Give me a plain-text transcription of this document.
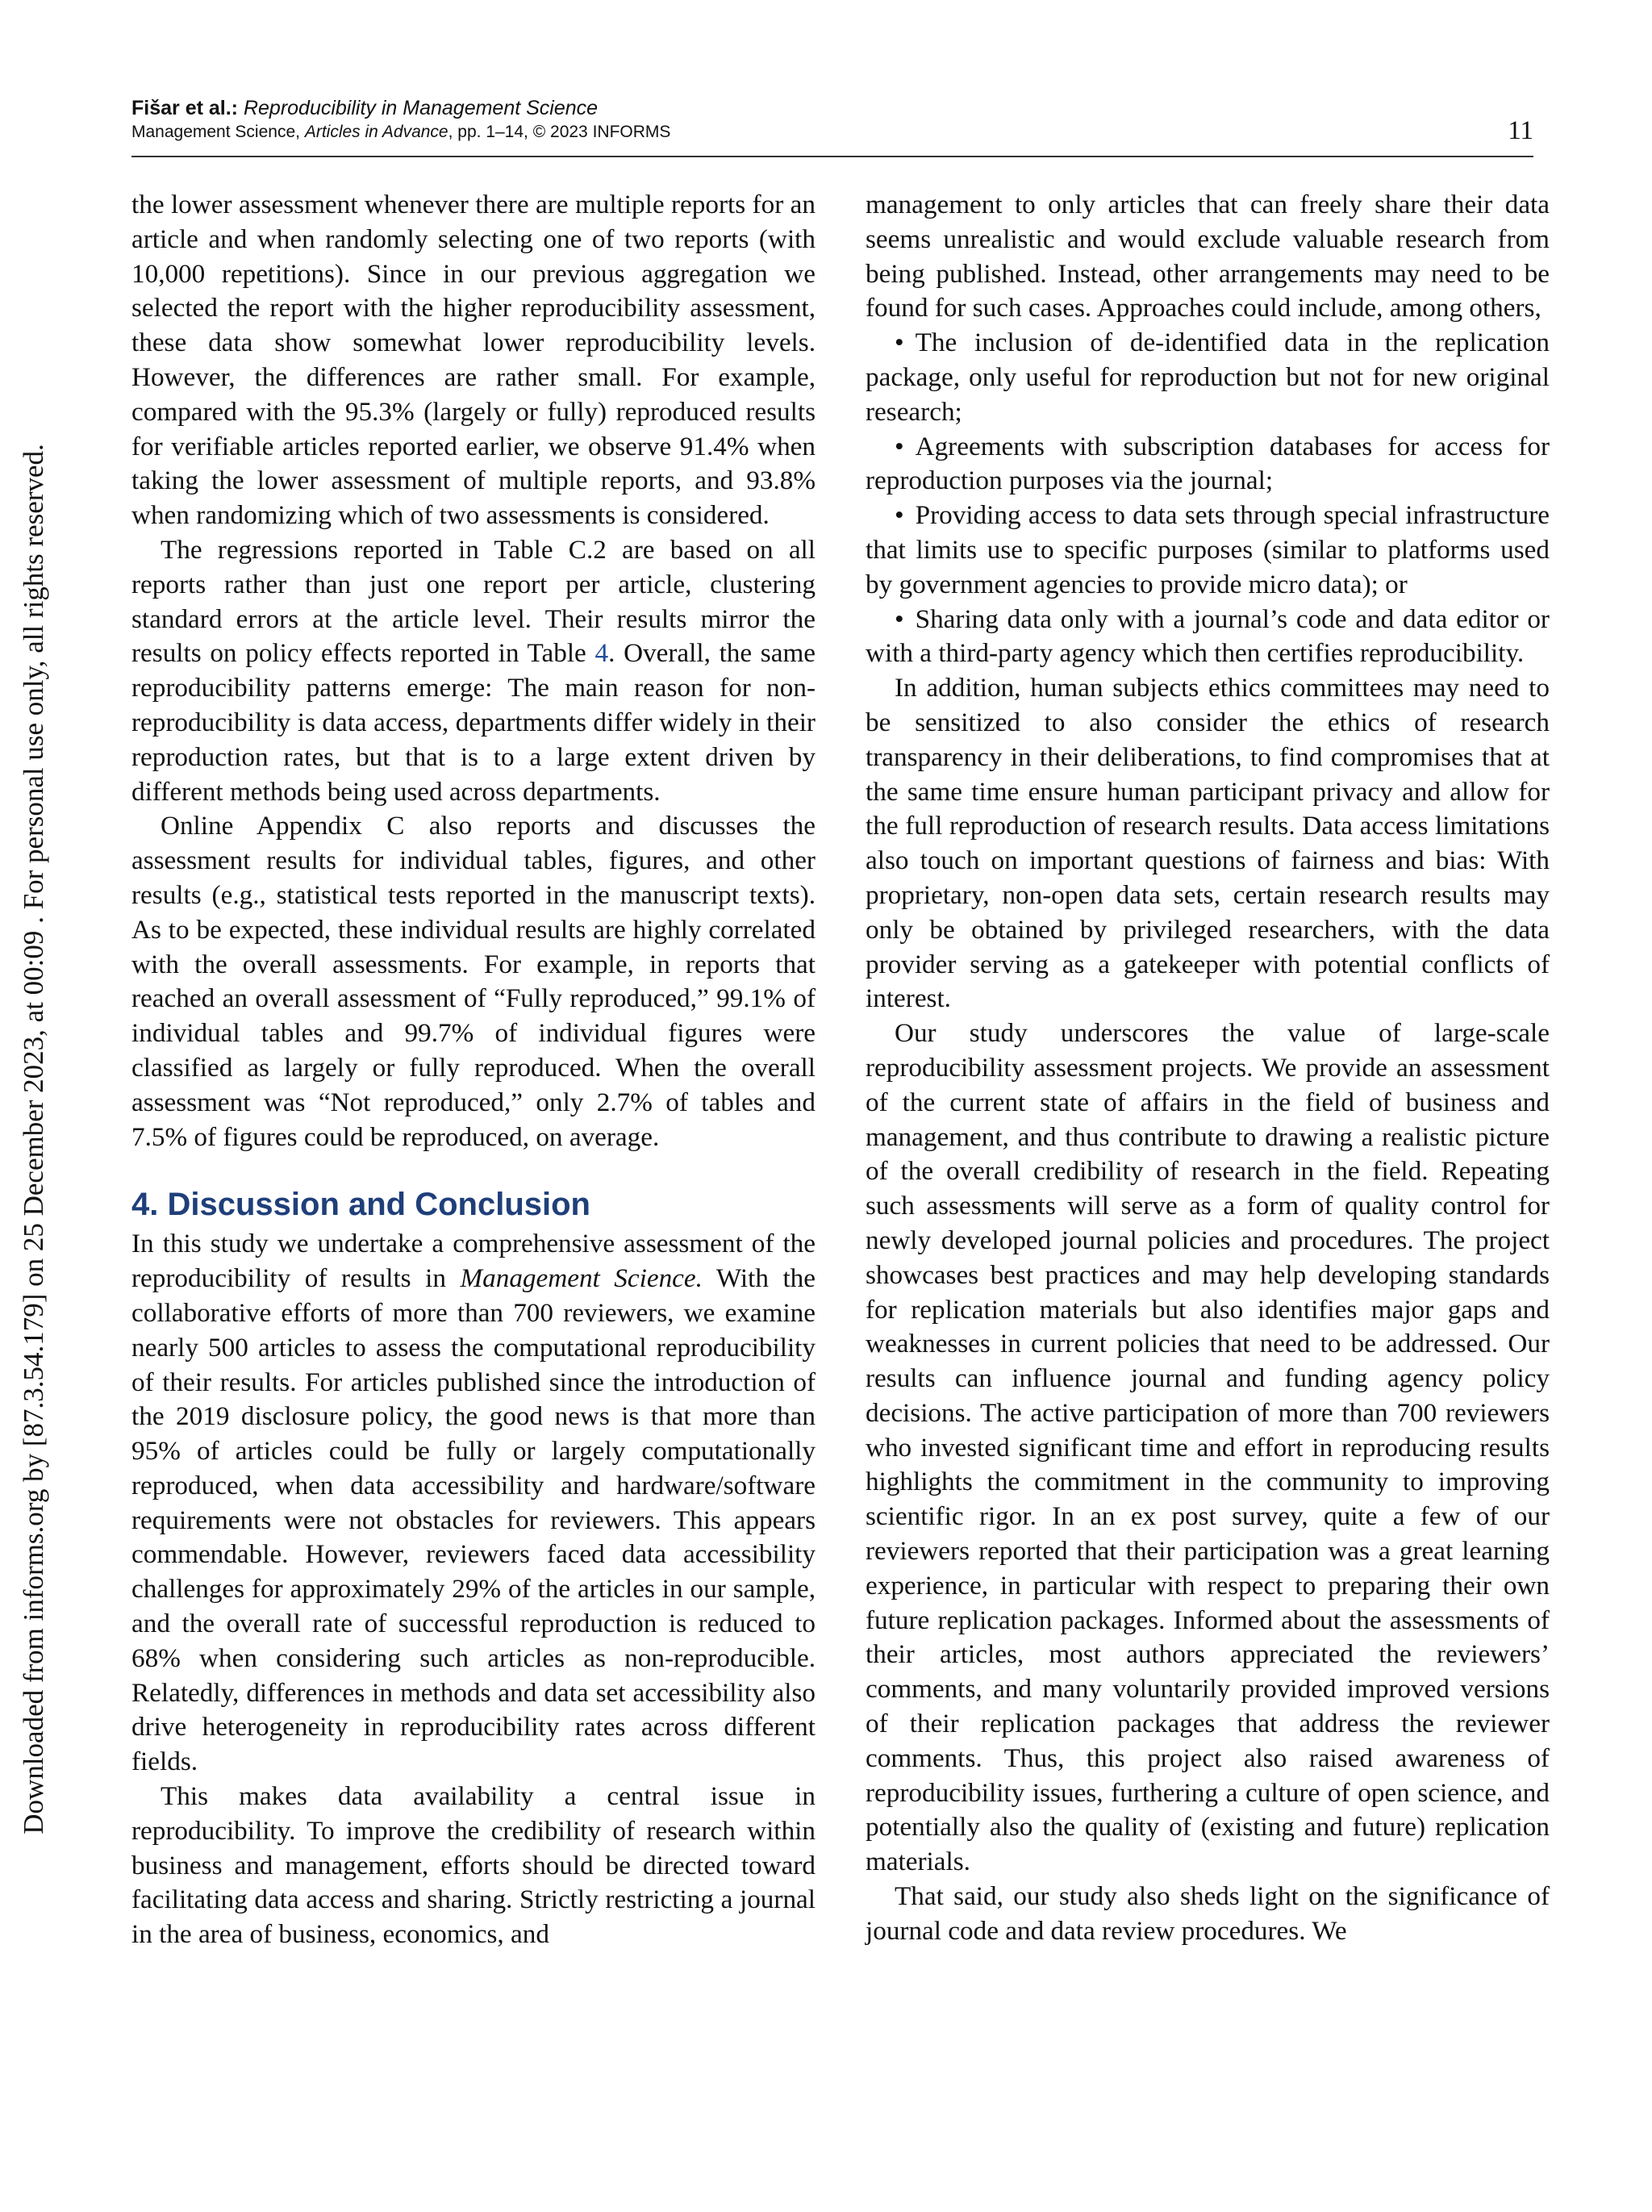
Downloaded from informs.org by [87.3.54.179] on 25 December 2023, at 00:09 . For personal use only, all rights reserved.
Fišar et al.: Reproducibility in Management Science
Management Science, Articles in Advance, pp. 1–14, © 2023 INFORMS	11

the lower assessment whenever there are multiple reports for an article and when randomly selecting one of two reports (with 10,000 repetitions). Since in our previous aggregation we selected the report with the higher reproducibility assessment, these data show somewhat lower reproducibility levels. However, the differences are rather small. For example, compared with the 95.3% (largely or fully) reproduced results for verifiable articles reported earlier, we observe 91.4% when taking the lower assessment of multiple reports, and 93.8% when randomizing which of two assessments is considered.

The regressions reported in Table C.2 are based on all reports rather than just one report per article, clustering standard errors at the article level. Their results mirror the results on policy effects reported in Table 4. Overall, the same reproducibility patterns emerge: The main reason for non-reproducibility is data access, departments differ widely in their reproduction rates, but that is to a large extent driven by different methods being used across departments.

Online Appendix C also reports and discusses the assessment results for individual tables, figures, and other results (e.g., statistical tests reported in the manuscript texts). As to be expected, these individual results are highly correlated with the overall assessments. For example, in reports that reached an overall assessment of “Fully reproduced,” 99.1% of individual tables and 99.7% of individual figures were classified as largely or fully reproduced. When the overall assessment was “Not reproduced,” only 2.7% of tables and 7.5% of figures could be reproduced, on average.

4. Discussion and Conclusion

In this study we undertake a comprehensive assessment of the reproducibility of results in Management Science. With the collaborative efforts of more than 700 reviewers, we examine nearly 500 articles to assess the computational reproducibility of their results. For articles published since the introduction of the 2019 disclosure policy, the good news is that more than 95% of articles could be fully or largely computationally reproduced, when data accessibility and hardware/software requirements were not obstacles for reviewers. This appears commendable. However, reviewers faced data accessibility challenges for approximately 29% of the articles in our sample, and the overall rate of successful reproduction is reduced to 68% when considering such articles as non-reproducible. Relatedly, differences in methods and data set accessibility also drive heterogeneity in reproducibility rates across different fields.

This makes data availability a central issue in reproducibility. To improve the credibility of research within business and management, efforts should be directed toward facilitating data access and sharing. Strictly restricting a journal in the area of business, economics, and

management to only articles that can freely share their data seems unrealistic and would exclude valuable research from being published. Instead, other arrangements may need to be found for such cases. Approaches could include, among others,

• The inclusion of de-identified data in the replication package, only useful for reproduction but not for new original research;

• Agreements with subscription databases for access for reproduction purposes via the journal;

• Providing access to data sets through special infrastructure that limits use to specific purposes (similar to platforms used by government agencies to provide micro data); or

• Sharing data only with a journal’s code and data editor or with a third-party agency which then certifies reproducibility.

In addition, human subjects ethics committees may need to be sensitized to also consider the ethics of research transparency in their deliberations, to find compromises that at the same time ensure human participant privacy and allow for the full reproduction of research results. Data access limitations also touch on important questions of fairness and bias: With proprietary, non-open data sets, certain research results may only be obtained by privileged researchers, with the data provider serving as a gatekeeper with potential conflicts of interest.

Our study underscores the value of large-scale reproducibility assessment projects. We provide an assessment of the current state of affairs in the field of business and management, and thus contribute to drawing a realistic picture of the overall credibility of research in the field. Repeating such assessments will serve as a form of quality control for newly developed journal policies and procedures. The project showcases best practices and may help developing standards for replication materials but also identifies major gaps and weaknesses in current policies that need to be addressed. Our results can influence journal and funding agency policy decisions. The active participation of more than 700 reviewers who invested significant time and effort in reproducing results highlights the commitment in the community to improving scientific rigor. In an ex post survey, quite a few of our reviewers reported that their participation was a great learning experience, in particular with respect to preparing their own future replication packages. Informed about the assessments of their articles, most authors appreciated the reviewers’ comments, and many voluntarily provided improved versions of their replication packages that address the reviewer comments. Thus, this project also raised awareness of reproducibility issues, furthering a culture of open science, and potentially also the quality of (existing and future) replication materials.

That said, our study also sheds light on the significance of journal code and data review procedures. We
